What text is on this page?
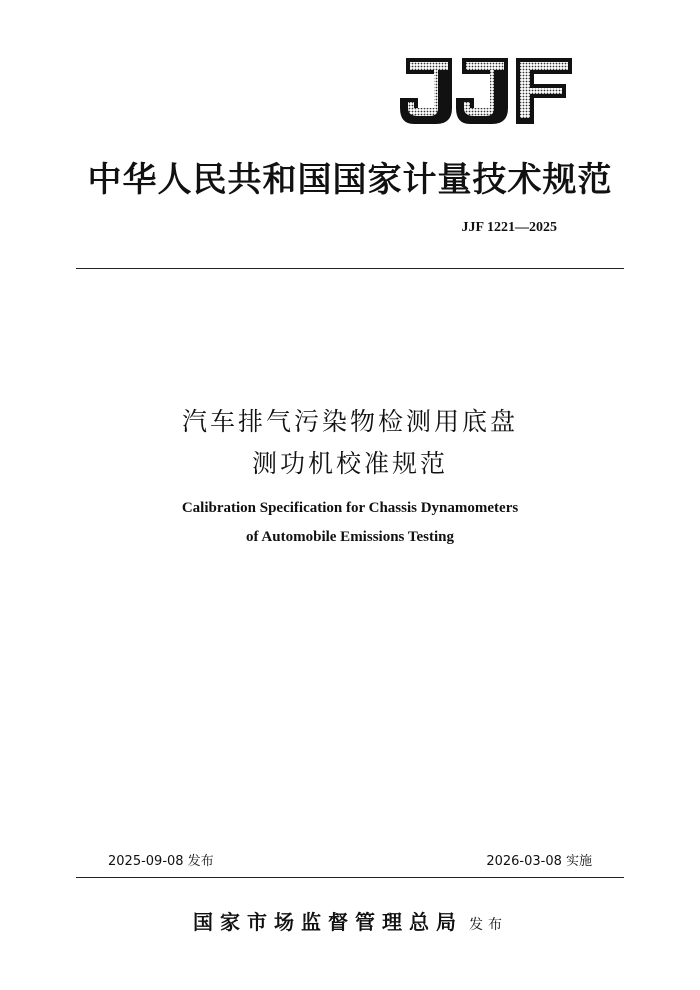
中华人民共和国国家计量技术规范
JJF 1221—2025
汽车排气污染物检测用底盘
测功机校准规范
Calibration Specification for Chassis Dynamometers
of Automobile Emissions Testing
2025-09-08 发布	2026-03-08 实施
国家市场监督管理总局 发布
